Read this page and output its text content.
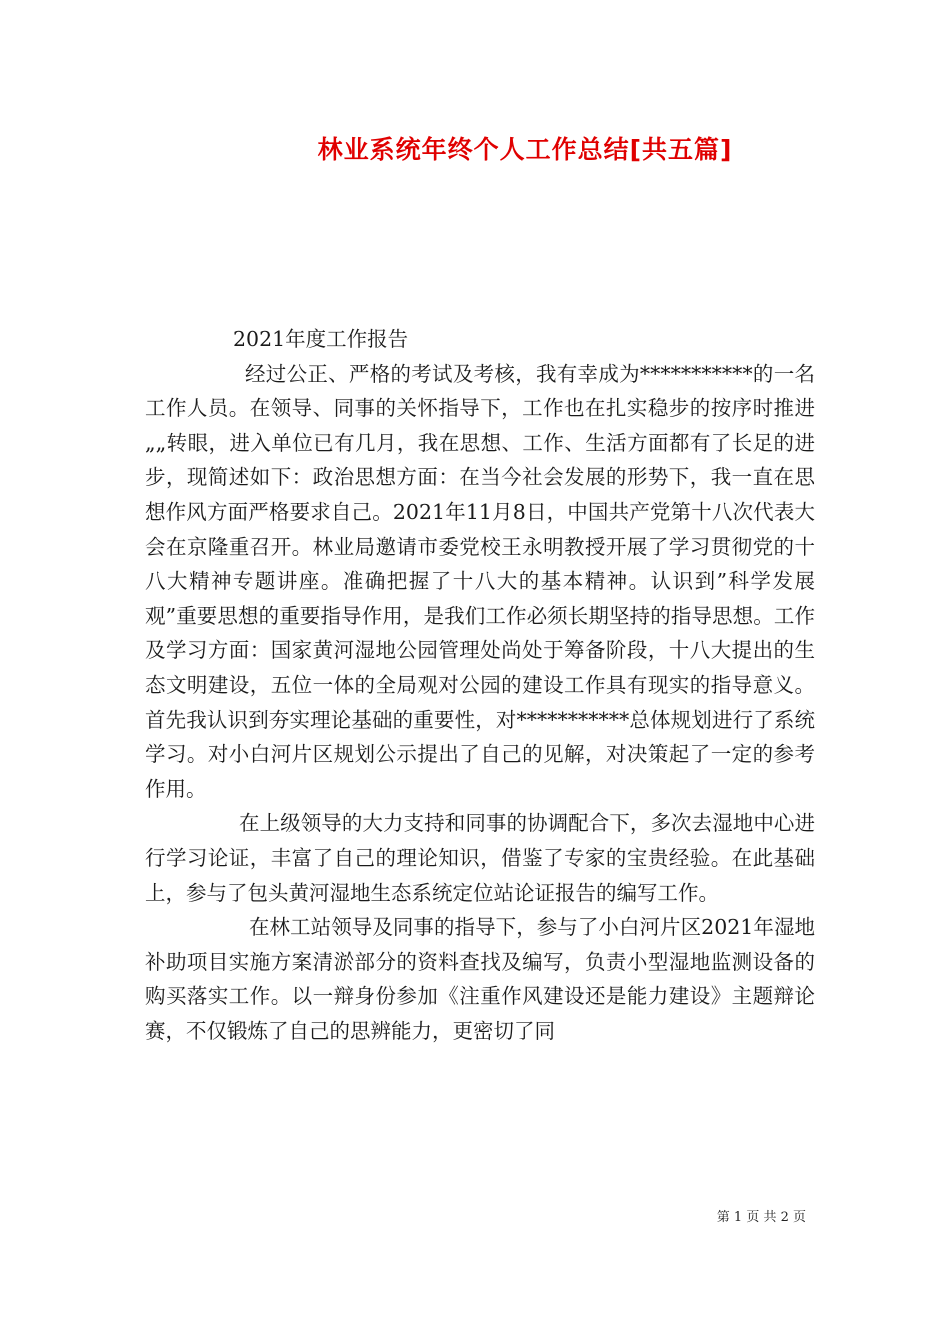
林业系统年终个人工作总结[共五篇]

2021年度工作报告

经过公正、严格的考试及考核，我有幸成为***********的一名工作人员。在领导、同事的关怀指导下，工作也在扎实稳步的按序时推进„„转眼，进入单位已有几月，我在思想、工作、生活方面都有了长足的进步，现简述如下：政治思想方面：在当今社会发展的形势下，我一直在思想作风方面严格要求自己。2021年11月8日，中国共产党第十八次代表大会在京隆重召开。林业局邀请市委党校王永明教授开展了学习贯彻党的十八大精神专题讲座。准确把握了十八大的基本精神。认识到”科学发展观”重要思想的重要指导作用，是我们工作必须长期坚持的指导思想。工作及学习方面：国家黄河湿地公园管理处尚处于筹备阶段，十八大提出的生态文明建设，五位一体的全局观对公园的建设工作具有现实的指导意义。首先我认识到夯实理论基础的重要性，对***********总体规划进行了系统学习。对小白河片区规划公示提出了自己的见解，对决策起了一定的参考作用。

在上级领导的大力支持和同事的协调配合下，多次去湿地中心进行学习论证，丰富了自己的理论知识，借鉴了专家的宝贵经验。在此基础上，参与了包头黄河湿地生态系统定位站论证报告的编写工作。

在林工站领导及同事的指导下，参与了小白河片区2021年湿地补助项目实施方案清淤部分的资料查找及编写，负责小型湿地监测设备的购买落实工作。以一辩身份参加《注重作风建设还是能力建设》主题辩论赛，不仅锻炼了自己的思辨能力，更密切了同

第 1 页 共 2 页
